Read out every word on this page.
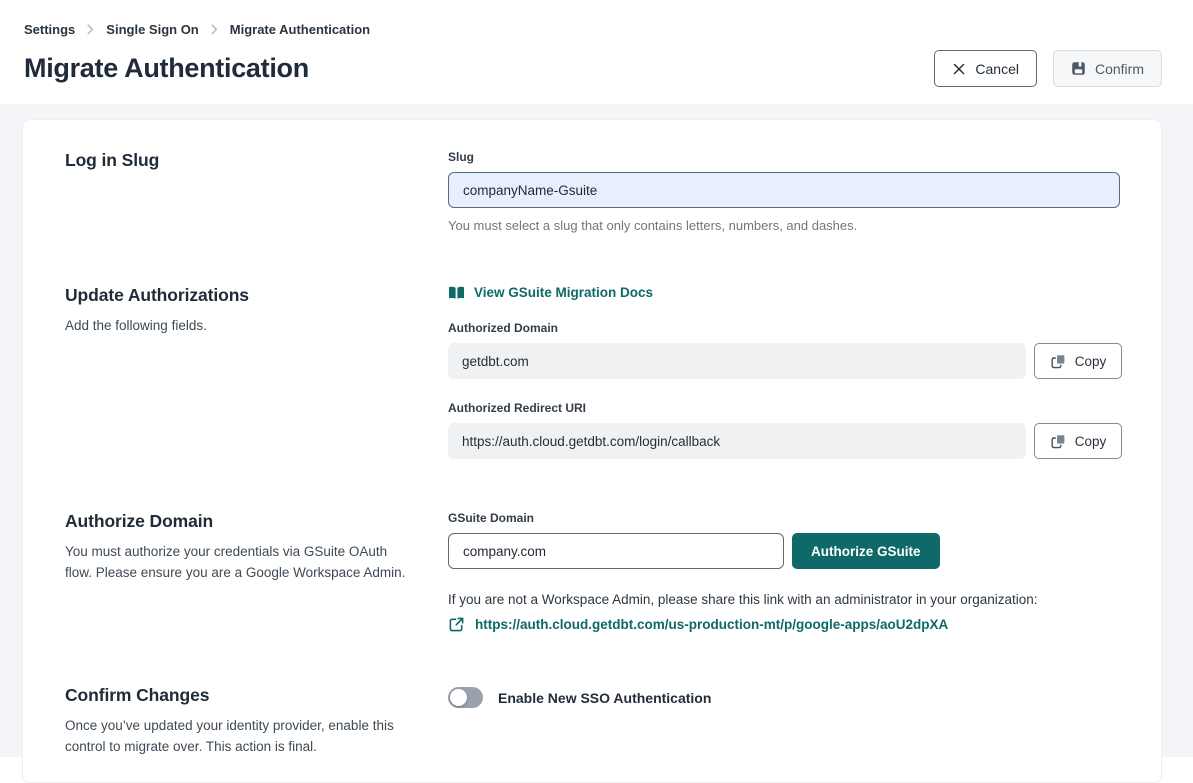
Settings Single Sign On Migrate Authentication
Migrate Authentication	Cancel	Confirm
Log in Slug	Slug
companyName-Gsuite
You must select a slug that only contains letters, numbers, and dashes.
Update Authorizations

Add the following fields.

View GSuite Migration Docs
Authorized Domain
getdbt.com	Copy
Authorized Redirect URI
https://auth.cloud.getdbt.com/login/callback	Copy
Authorize Domain

You must authorize your credentials via GSuite OAuth flow. Please ensure you are a Google Workspace Admin.

GSuite Domain
company.com
Authorize GSuite
If you are not a Workspace Admin, please share this link with an administrator in your organization:
https://auth.cloud.getdbt.com/us-production-mt/p/google-apps/aoU2dpXA
Confirm Changes

Once you’ve updated your identity provider, enable this control to migrate over. This action is final.

Enable New SSO Authentication
